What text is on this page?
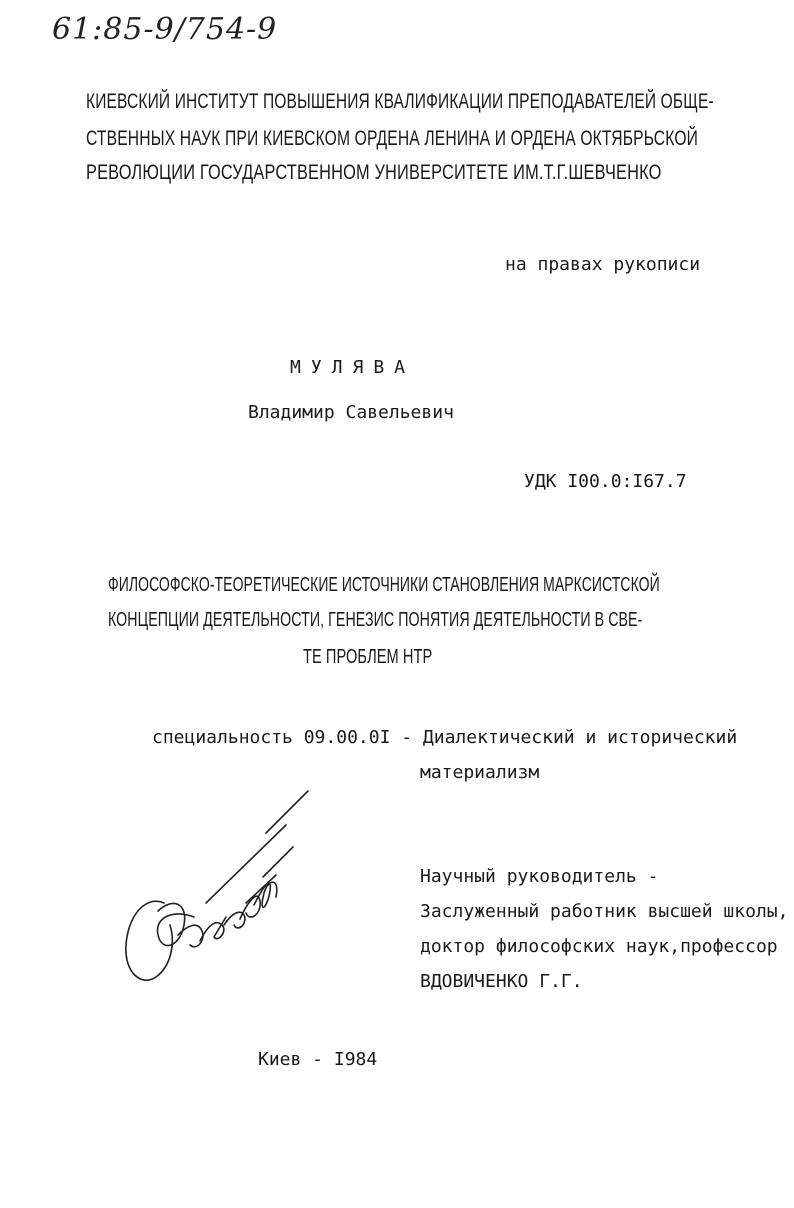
61:85-9/754-9
КИЕВСКИЙ ИНСТИТУТ ПОВЫШЕНИЯ КВАЛИФИКАЦИИ ПРЕПОДАВАТЕЛЕЙ ОБЩЕ-
СТВЕННЫХ НАУК ПРИ КИЕВСКОМ ОРДЕНА ЛЕНИНА И ОРДЕНА ОКТЯБРЬСКОЙ
РЕВОЛЮЦИИ ГОСУДАРСТВЕННОМ УНИВЕРСИТЕТЕ ИМ.Т.Г.ШЕВЧЕНКО
на правах рукописи
МУЛЯВА
Владимир Савельевич
УДК I00.0:I67.7
ФИЛОСОФСКО-ТЕОРЕТИЧЕСКИЕ ИСТОЧНИКИ СТАНОВЛЕНИЯ МАРКСИСТСКОЙ
КОНЦЕПЦИИ ДЕЯТЕЛЬНОСТИ, ГЕНЕЗИС ПОНЯТИЯ ДЕЯТЕЛЬНОСТИ В СВЕ-
ТЕ ПРОБЛЕМ НТР
специальность 09.00.0I - Диалектический и исторический
материализм
Научный руководитель -
Заслуженный работник высшей школы,
доктор философских наук,профессор
ВДОВИЧЕНКО Г.Г.
Киев - I984
